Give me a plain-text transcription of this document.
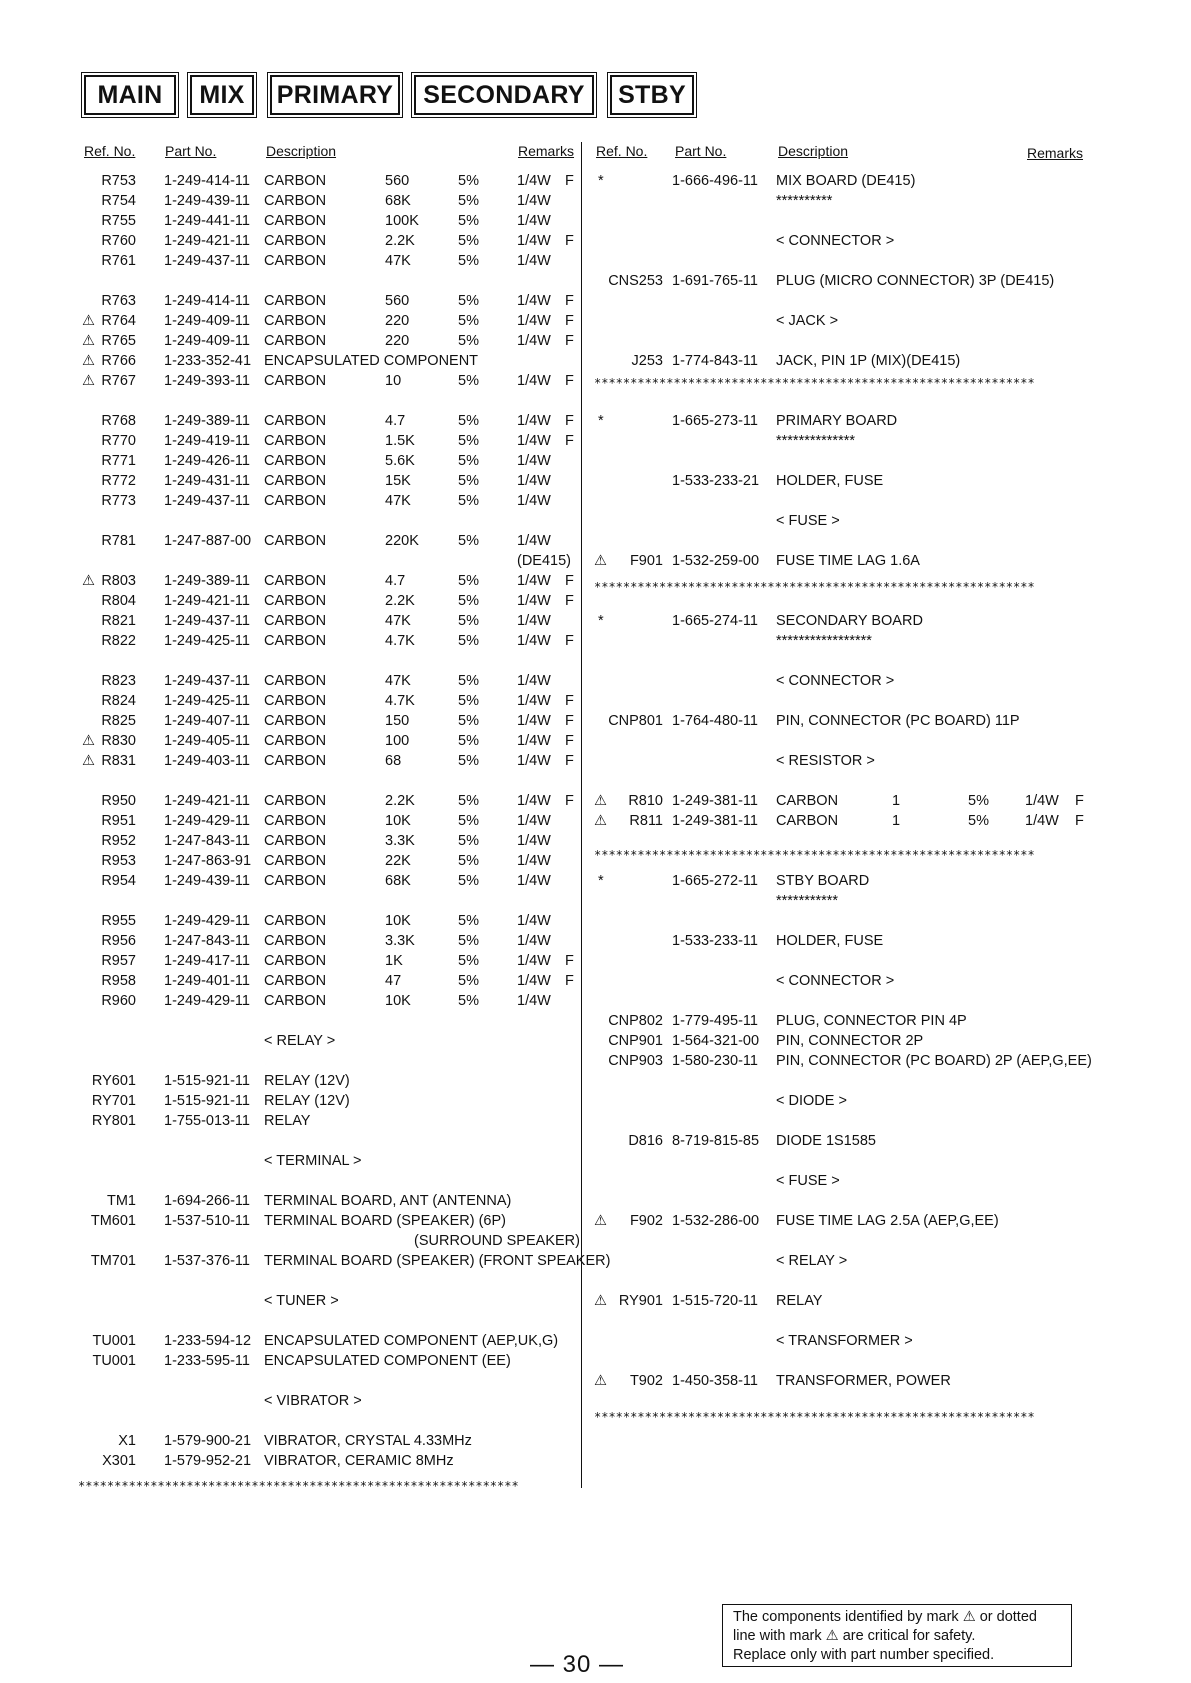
MAIN	MIX	PRIMARY	SECONDARY	STBY
Ref. No. Part No.	Description	Remarks Ref. No. Part No.	Description	Remarks
R753 1-249-414-11 CARBON	560	5%	1/4W F
R754 1-249-439-11 CARBON	68K	5%	1/4W
R755 1-249-441-11 CARBON	100K	5%	1/4W
R760 1-249-421-11 CARBON	2.2K	5%	1/4W F
R761 1-249-437-11 CARBON	47K	5%	1/4W
R763 1-249-414-11 CARBON	560	5%	1/4W F
⚠ R764 1-249-409-11 CARBON	220	5%	1/4W F
⚠ R765 1-249-409-11 CARBON	220	5%	1/4W F
⚠ R766 1-233-352-41 ENCAPSULATED COMPONENT
⚠ R767 1-249-393-11 CARBON	10	5%	1/4W F
R768 1-249-389-11 CARBON	4.7	5%	1/4W F
R770 1-249-419-11 CARBON	1.5K	5%	1/4W F
R771 1-249-426-11 CARBON	5.6K	5%	1/4W
R772 1-249-431-11 CARBON	15K	5%	1/4W
R773 1-249-437-11 CARBON	47K	5%	1/4W
R781 1-247-887-00 CARBON	220K	5%	1/4W
(DE415)
⚠ R803 1-249-389-11 CARBON	4.7	5%	1/4W F
R804 1-249-421-11 CARBON	2.2K	5%	1/4W F
R821 1-249-437-11 CARBON	47K	5%	1/4W
R822 1-249-425-11 CARBON	4.7K	5%	1/4W F
R823 1-249-437-11 CARBON	47K	5%	1/4W
R824 1-249-425-11 CARBON	4.7K	5%	1/4W F
R825 1-249-407-11 CARBON	150	5%	1/4W F
⚠ R830 1-249-405-11 CARBON	100	5%	1/4W F
⚠ R831 1-249-403-11 CARBON	68	5%	1/4W F
R950 1-249-421-11 CARBON	2.2K	5%	1/4W F
R951 1-249-429-11 CARBON	10K	5%	1/4W
R952 1-247-843-11 CARBON	3.3K	5%	1/4W
R953 1-247-863-91 CARBON	22K	5%	1/4W
R954 1-249-439-11 CARBON	68K	5%	1/4W
R955 1-249-429-11 CARBON	10K	5%	1/4W
R956 1-247-843-11 CARBON	3.3K	5%	1/4W
R957 1-249-417-11 CARBON	1K	5%	1/4W F
R958 1-249-401-11 CARBON	47	5%	1/4W F
R960 1-249-429-11 CARBON	10K	5%	1/4W
< RELAY >
RY601 1-515-921-11 RELAY (12V)
RY701 1-515-921-11 RELAY (12V)
RY801 1-755-013-11 RELAY
< TERMINAL >
TM1 1-694-266-11 TERMINAL BOARD, ANT (ANTENNA)
TM601 1-537-510-11 TERMINAL BOARD (SPEAKER) (6P)
(SURROUND SPEAKER)
TM701 1-537-376-11 TERMINAL BOARD (SPEAKER) (FRONT SPEAKER)
< TUNER >
TU001 1-233-594-12 ENCAPSULATED COMPONENT (AEP,UK,G)
TU001 1-233-595-11 ENCAPSULATED COMPONENT (EE)
< VIBRATOR >
X1 1-579-900-21 VIBRATOR, CRYSTAL 4.33MHz
X301 1-579-952-21 VIBRATOR, CERAMIC 8MHz
*************************************************************
*	1-666-496-11 MIX BOARD (DE415)
**********
< CONNECTOR >
CNS253 1-691-765-11 PLUG (MICRO CONNECTOR) 3P (DE415)
< JACK >
J253 1-774-843-11 JACK, PIN 1P (MIX)(DE415)
*	1-665-273-11 PRIMARY BOARD
**************
1-533-233-21 HOLDER, FUSE
< FUSE >
⚠ F901 1-532-259-00 FUSE TIME LAG 1.6A
*	1-665-274-11 SECONDARY BOARD
*****************
< CONNECTOR >
CNP801 1-764-480-11 PIN, CONNECTOR (PC BOARD) 11P
< RESISTOR >
⚠ R810 1-249-381-11 CARBON	1	5% 1/4W F
⚠ R811 1-249-381-11 CARBON	1	5% 1/4W F
*	1-665-272-11 STBY BOARD
***********
1-533-233-11 HOLDER, FUSE
< CONNECTOR >
CNP802 1-779-495-11 PLUG, CONNECTOR PIN 4P
CNP901 1-564-321-00 PIN, CONNECTOR 2P
CNP903 1-580-230-11 PIN, CONNECTOR (PC BOARD) 2P (AEP,G,EE)
< DIODE >
D816 8-719-815-85 DIODE 1S1585
< FUSE >
⚠ F902 1-532-286-00 FUSE TIME LAG 2.5A (AEP,G,EE)
< RELAY >
⚠ RY901 1-515-720-11 RELAY
< TRANSFORMER >
⚠ T902 1-450-358-11 TRANSFORMER, POWER
*************************************************************
*************************************************************
*************************************************************
*************************************************************
The components identified by mark ⚠ or dotted
line with mark ⚠ are critical for safety.
Replace only with part number specified.
— 30 —
